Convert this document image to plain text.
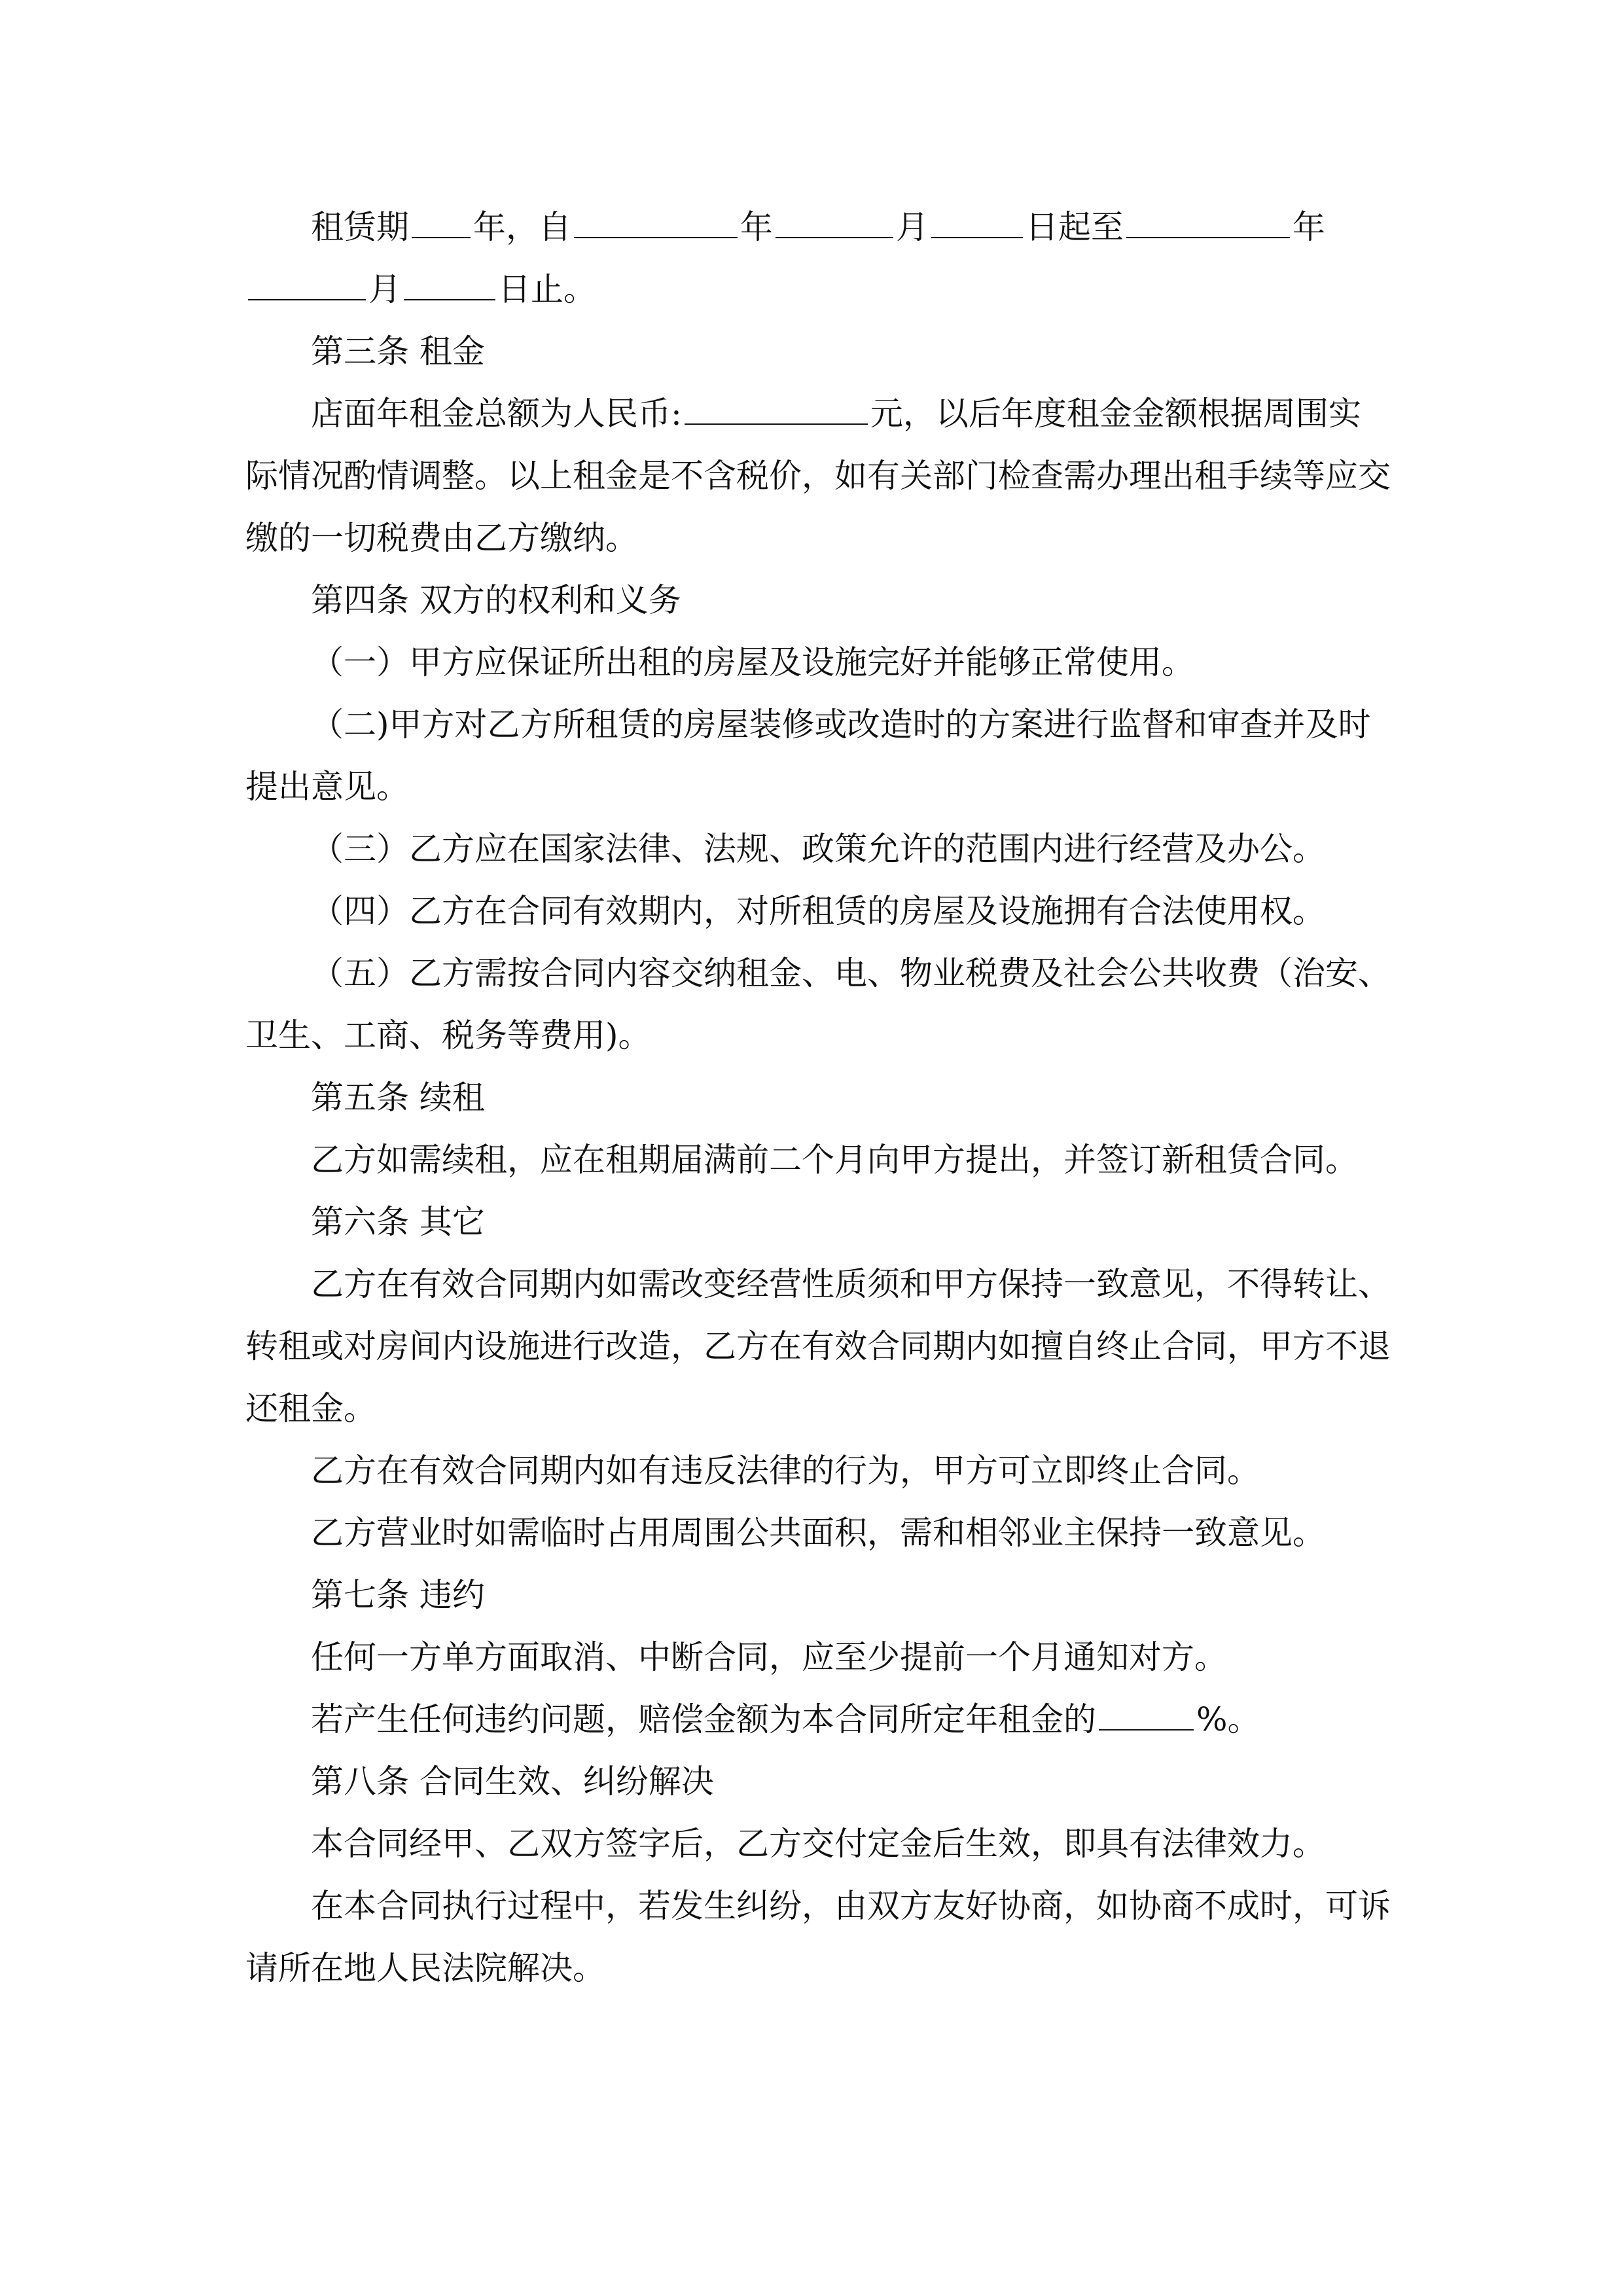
租赁期 年，自	年	月	日起至	年月	日止。

第三条 租金

店面年租金总额为人民币:	元，以后年度租金金额根据周围实际情况酌情调整。以上租金是不含税价，如有关部门检查需办理出租手续等应交缴的一切税费由乙方缴纳。

第四条 双方的权利和义务

（一）甲方应保证所出租的房屋及设施完好并能够正常使用。

（二)甲方对乙方所租赁的房屋装修或改造时的方案进行监督和审查并及时提出意见。

（三）乙方应在国家法律、法规、政策允许的范围内进行经营及办公。

（四）乙方在合同有效期内，对所租赁的房屋及设施拥有合法使用权。

（五）乙方需按合同内容交纳租金、电、物业税费及社会公共收费（治安、卫生、工商、税务等费用)。

第五条 续租

乙方如需续租，应在租期届满前二个月向甲方提出，并签订新租赁合同。

第六条 其它

乙方在有效合同期内如需改变经营性质须和甲方保持一致意见，不得转让、转租或对房间内设施进行改造，乙方在有效合同期内如擅自终止合同，甲方不退还租金。

乙方在有效合同期内如有违反法律的行为，甲方可立即终止合同。

乙方营业时如需临时占用周围公共面积，需和相邻业主保持一致意见。

第七条 违约

任何一方单方面取消、中断合同，应至少提前一个月通知对方。

若产生任何违约问题，赔偿金额为本合同所定年租金的	%。

第八条 合同生效、纠纷解决

本合同经甲、乙双方签字后，乙方交付定金后生效，即具有法律效力。

在本合同执行过程中，若发生纠纷，由双方友好协商，如协商不成时，可诉请所在地人民法院解决。
